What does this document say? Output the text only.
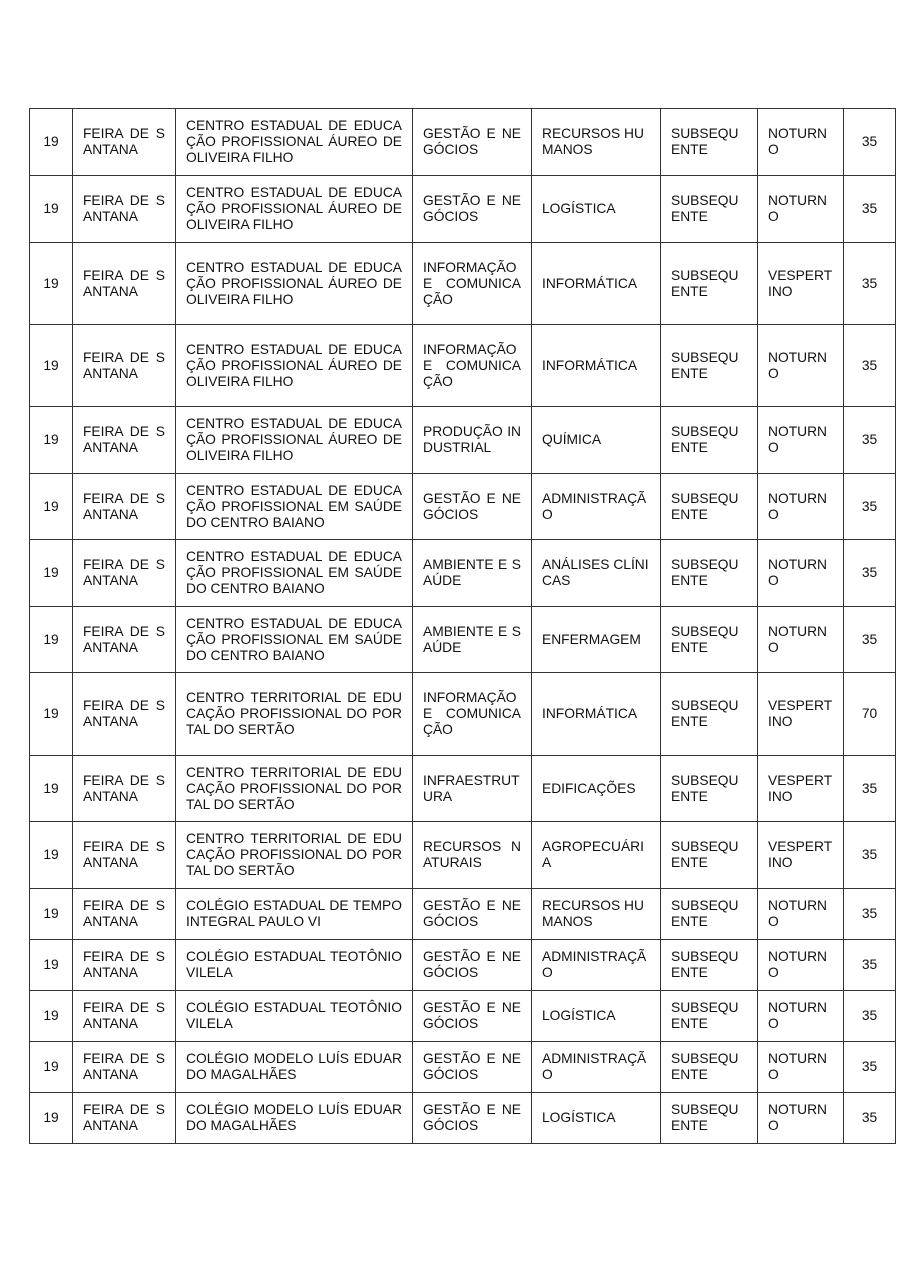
19	FEIRA DE SANTANA	CENTRO ESTADUAL DE EDUCAÇÃO PROFISSIONAL ÁUREO DE OLIVEIRA FILHO	GESTÃO E NEGÓCIOS	RECURSOS HUMANOS	SUBSEQUENTE	NOTURNO	35
19	FEIRA DE SANTANA	CENTRO ESTADUAL DE EDUCAÇÃO PROFISSIONAL ÁUREO DE OLIVEIRA FILHO	GESTÃO E NEGÓCIOS	LOGÍSTICA	SUBSEQUENTE	NOTURNO	35
19	FEIRA DE SANTANA	CENTRO ESTADUAL DE EDUCAÇÃO PROFISSIONAL ÁUREO DE OLIVEIRA FILHO	INFORMAÇÃO E COMUNICAÇÃO	INFORMÁTICA	SUBSEQUENTE	VESPERTINO	35
19	FEIRA DE SANTANA	CENTRO ESTADUAL DE EDUCAÇÃO PROFISSIONAL ÁUREO DE OLIVEIRA FILHO	INFORMAÇÃO E COMUNICAÇÃO	INFORMÁTICA	SUBSEQUENTE	NOTURNO	35
19	FEIRA DE SANTANA	CENTRO ESTADUAL DE EDUCAÇÃO PROFISSIONAL ÁUREO DE OLIVEIRA FILHO	PRODUÇÃO INDUSTRIAL	QUÍMICA	SUBSEQUENTE	NOTURNO	35
19	FEIRA DE SANTANA	CENTRO ESTADUAL DE EDUCAÇÃO PROFISSIONAL EM SAÚDE DO CENTRO BAIANO	GESTÃO E NEGÓCIOS	ADMINISTRAÇÃO	SUBSEQUENTE	NOTURNO	35
19	FEIRA DE SANTANA	CENTRO ESTADUAL DE EDUCAÇÃO PROFISSIONAL EM SAÚDE DO CENTRO BAIANO	AMBIENTE E SAÚDE	ANÁLISES CLÍNICAS	SUBSEQUENTE	NOTURNO	35
19	FEIRA DE SANTANA	CENTRO ESTADUAL DE EDUCAÇÃO PROFISSIONAL EM SAÚDE DO CENTRO BAIANO	AMBIENTE E SAÚDE	ENFERMAGEM	SUBSEQUENTE	NOTURNO	35
19	FEIRA DE SANTANA	CENTRO TERRITORIAL DE EDUCAÇÃO PROFISSIONAL DO PORTAL DO SERTÃO	INFORMAÇÃO E COMUNICAÇÃO	INFORMÁTICA	SUBSEQUENTE	VESPERTINO	70
19	FEIRA DE SANTANA	CENTRO TERRITORIAL DE EDUCAÇÃO PROFISSIONAL DO PORTAL DO SERTÃO	INFRAESTRUTURA	EDIFICAÇÕES	SUBSEQUENTE	VESPERTINO	35
19	FEIRA DE SANTANA	CENTRO TERRITORIAL DE EDUCAÇÃO PROFISSIONAL DO PORTAL DO SERTÃO	RECURSOS NATURAIS	AGROPECUÁRIA	SUBSEQUENTE	VESPERTINO	35
19	FEIRA DE SANTANA	COLÉGIO ESTADUAL DE TEMPO INTEGRAL PAULO VI	GESTÃO E NEGÓCIOS	RECURSOS HUMANOS	SUBSEQUENTE	NOTURNO	35
19	FEIRA DE SANTANA	COLÉGIO ESTADUAL TEOTÔNIO VILELA	GESTÃO E NEGÓCIOS	ADMINISTRAÇÃO	SUBSEQUENTE	NOTURNO	35
19	FEIRA DE SANTANA	COLÉGIO ESTADUAL TEOTÔNIO VILELA	GESTÃO E NEGÓCIOS	LOGÍSTICA	SUBSEQUENTE	NOTURNO	35
19	FEIRA DE SANTANA	COLÉGIO MODELO LUÍS EDUARDO MAGALHÃES	GESTÃO E NEGÓCIOS	ADMINISTRAÇÃO	SUBSEQUENTE	NOTURNO	35
19	FEIRA DE SANTANA	COLÉGIO MODELO LUÍS EDUARDO MAGALHÃES	GESTÃO E NEGÓCIOS	LOGÍSTICA	SUBSEQUENTE	NOTURNO	35
